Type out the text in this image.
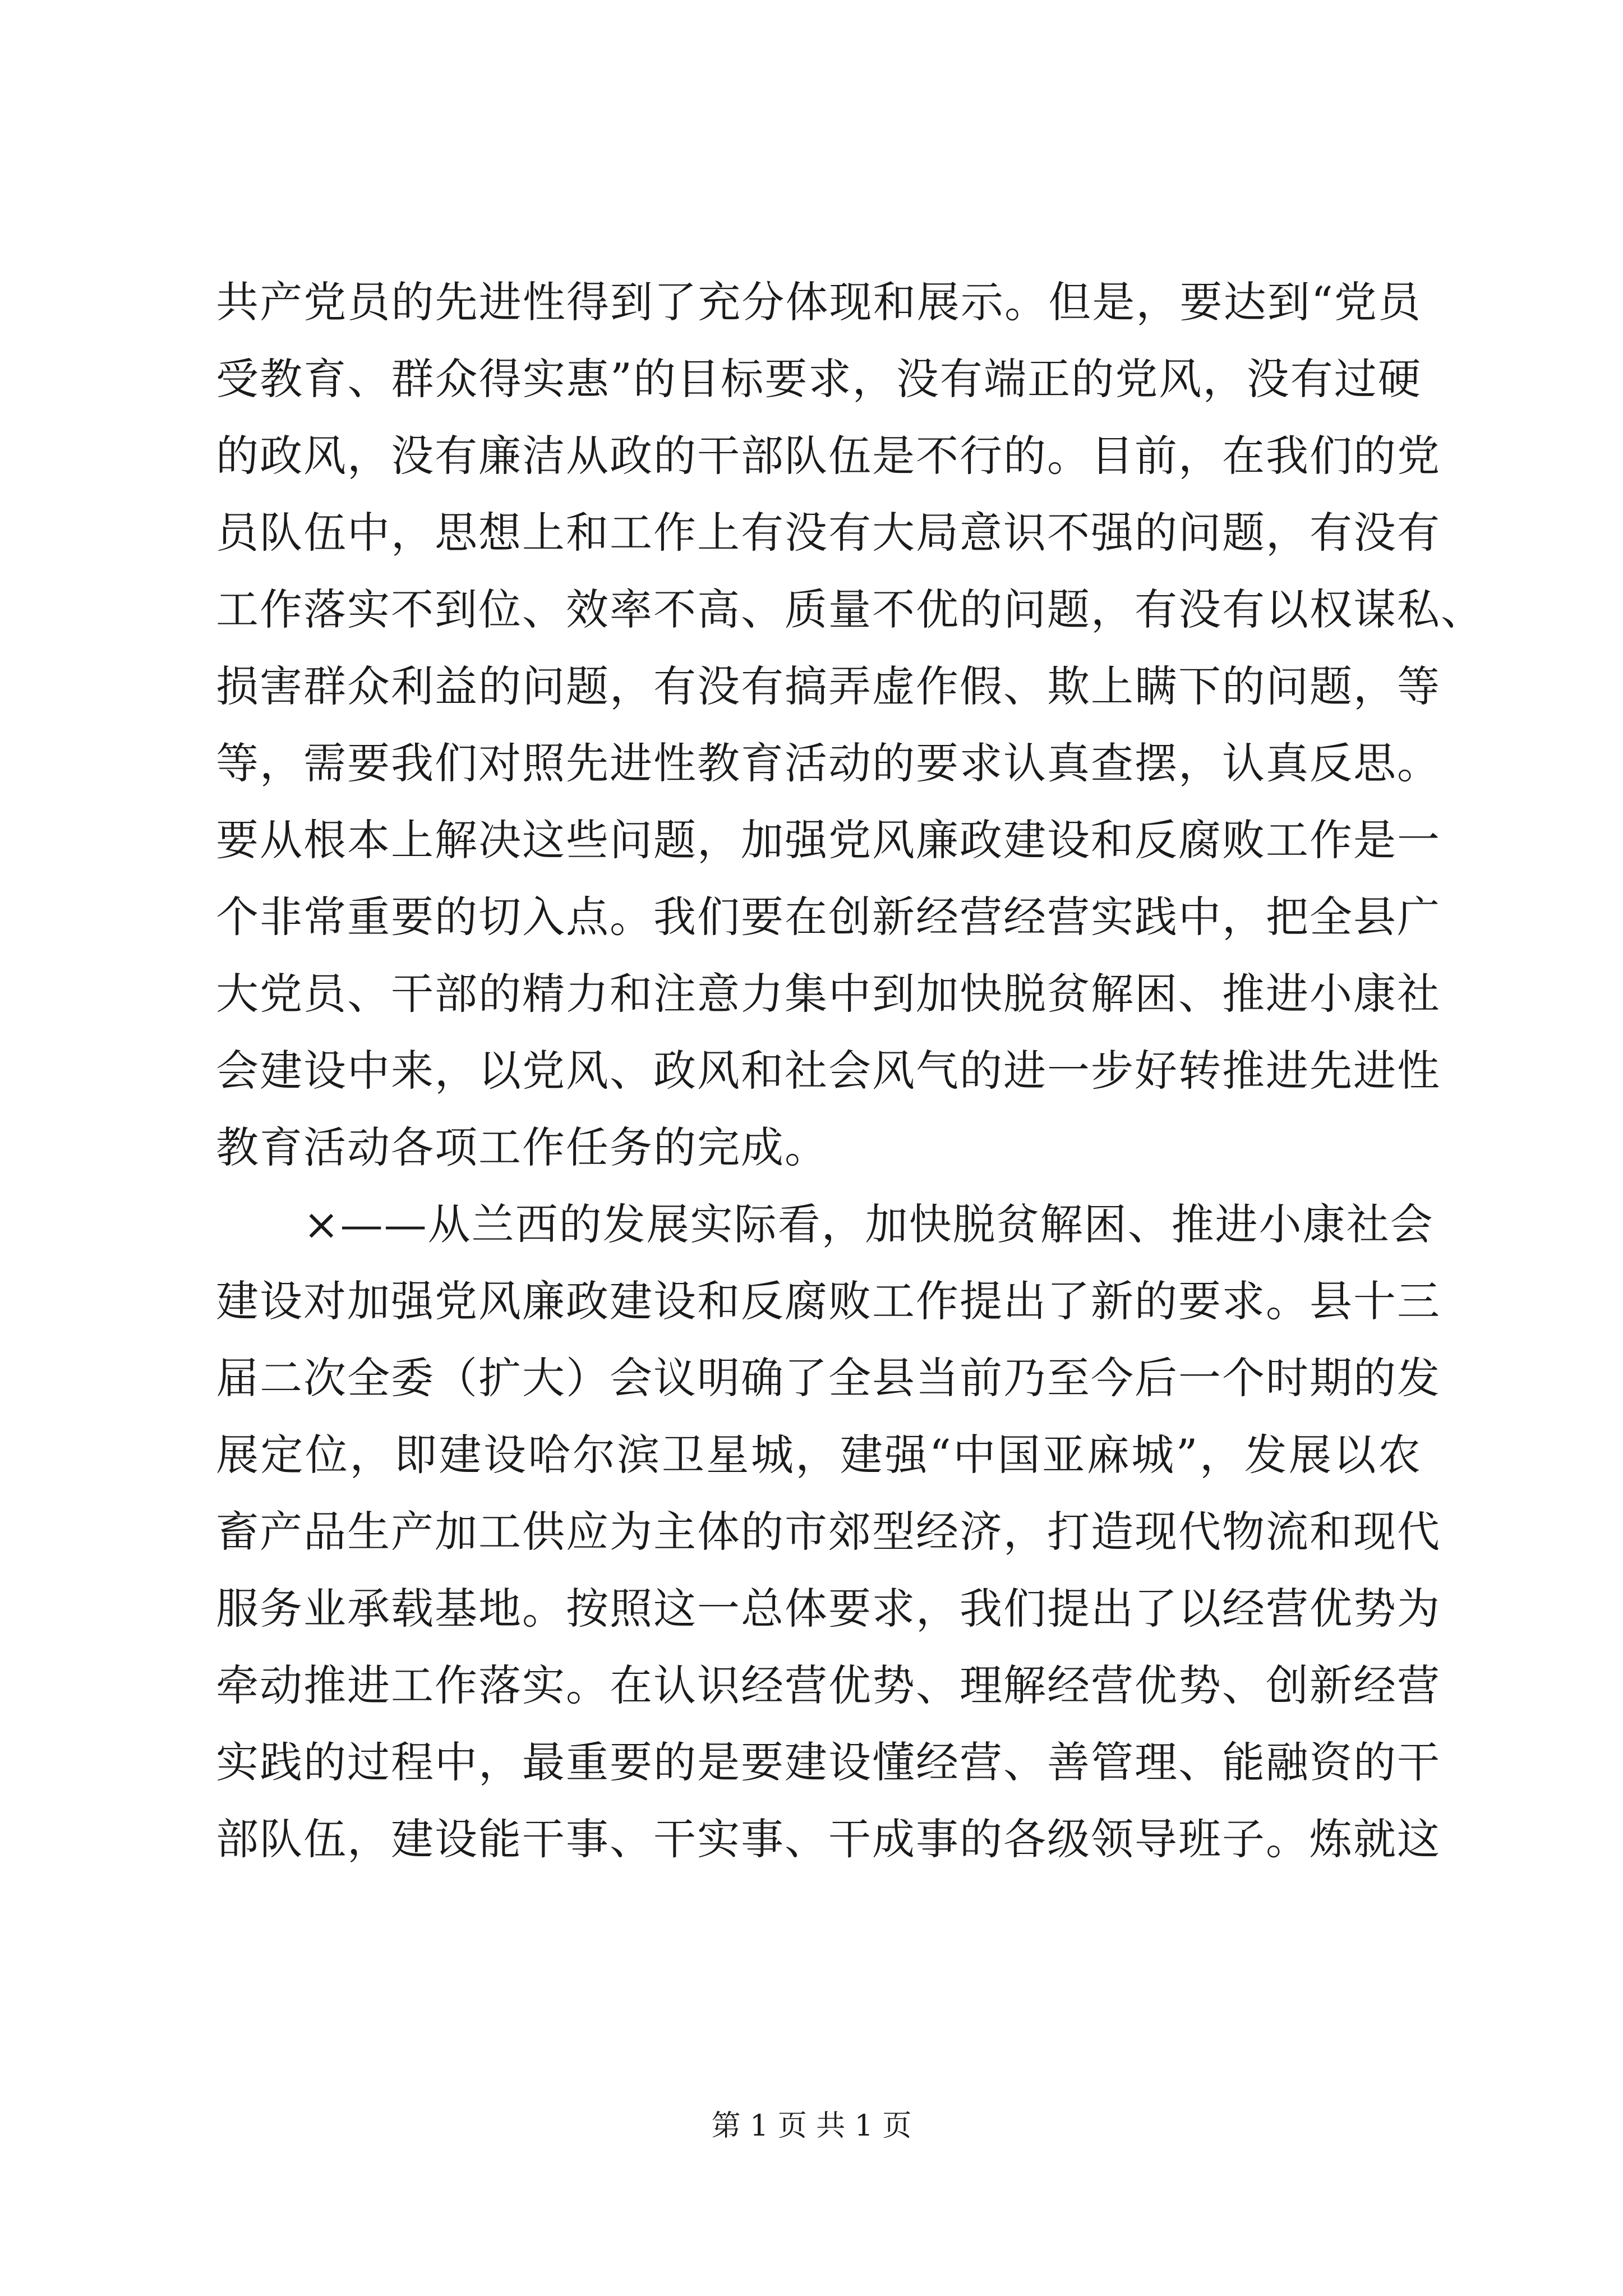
共产党员的先进性得到了充分体现和展示。但是，要达到“党员
受教育、群众得实惠”的目标要求，没有端正的党风，没有过硬
的政风，没有廉洁从政的干部队伍是不行的。目前，在我们的党
员队伍中，思想上和工作上有没有大局意识不强的问题，有没有
工作落实不到位、效率不高、质量不优的问题，有没有以权谋私、
损害群众利益的问题，有没有搞弄虚作假、欺上瞒下的问题，等
等，需要我们对照先进性教育活动的要求认真查摆，认真反思。
要从根本上解决这些问题，加强党风廉政建设和反腐败工作是一
个非常重要的切入点。我们要在创新经营经营实践中，把全县广
大党员、干部的精力和注意力集中到加快脱贫解困、推进小康社
会建设中来，以党风、政风和社会风气的进一步好转推进先进性
教育活动各项工作任务的完成。
　　×——从兰西的发展实际看，加快脱贫解困、推进小康社会
建设对加强党风廉政建设和反腐败工作提出了新的要求。县十三
届二次全委（扩大）会议明确了全县当前乃至今后一个时期的发
展定位，即建设哈尔滨卫星城，建强“中国亚麻城”，发展以农
畜产品生产加工供应为主体的市郊型经济，打造现代物流和现代
服务业承载基地。按照这一总体要求，我们提出了以经营优势为
牵动推进工作落实。在认识经营优势、理解经营优势、创新经营
实践的过程中，最重要的是要建设懂经营、善管理、能融资的干
部队伍，建设能干事、干实事、干成事的各级领导班子。炼就这
第 1 页 共 1 页
